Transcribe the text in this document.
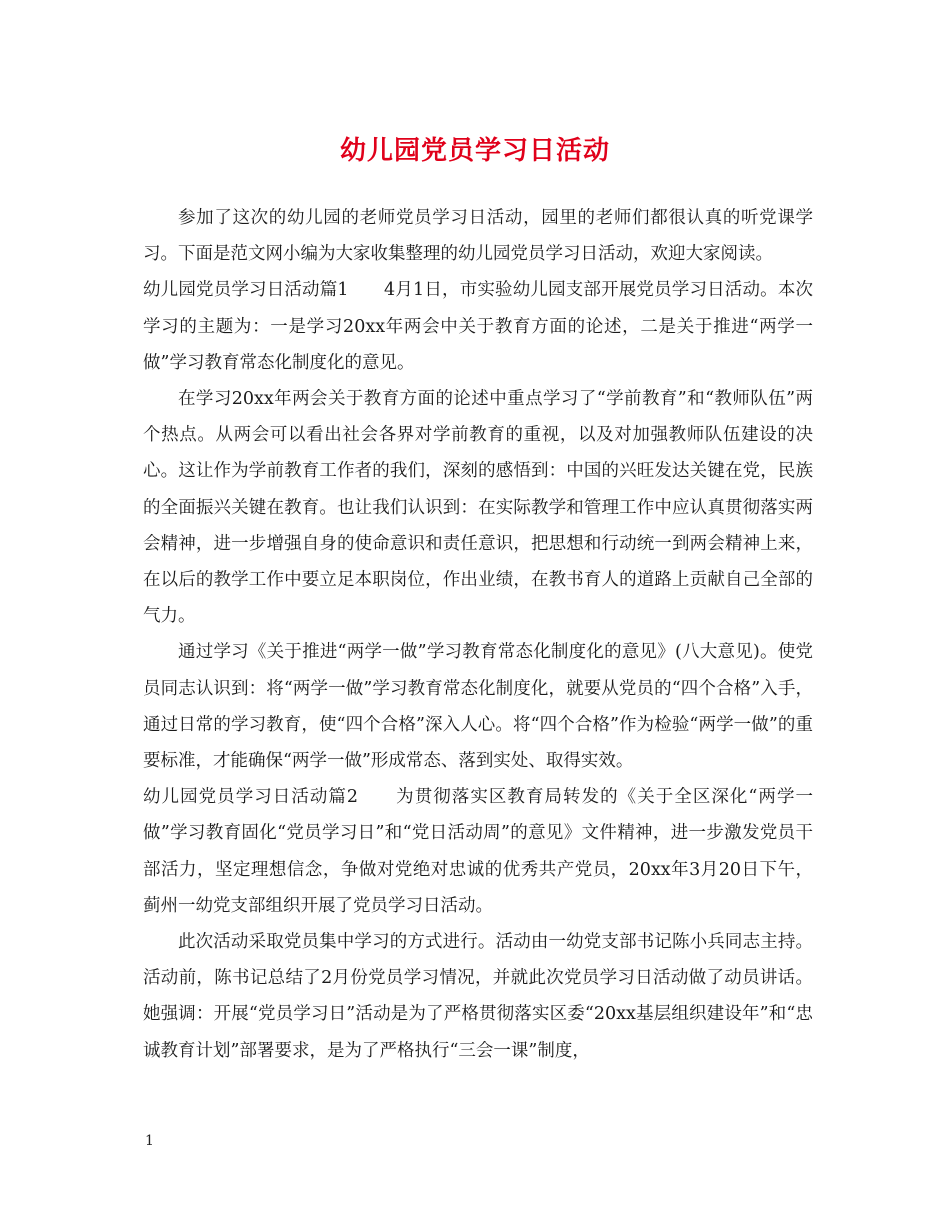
幼儿园党员学习日活动

参加了这次的幼儿园的老师党员学习日活动，园里的老师们都很认真的听党课学习。下面是范文网小编为大家收集整理的幼儿园党员学习日活动，欢迎大家阅读。

幼儿园党员学习日活动篇1　　4月1日，市实验幼儿园支部开展党员学习日活动。本次学习的主题为：一是学习20xx年两会中关于教育方面的论述，二是关于推进“两学一做”学习教育常态化制度化的意见。

在学习20xx年两会关于教育方面的论述中重点学习了“学前教育”和“教师队伍”两个热点。从两会可以看出社会各界对学前教育的重视，以及对加强教师队伍建设的决心。这让作为学前教育工作者的我们，深刻的感悟到：中国的兴旺发达关键在党，民族的全面振兴关键在教育。也让我们认识到：在实际教学和管理工作中应认真贯彻落实两会精神，进一步增强自身的使命意识和责任意识，把思想和行动统一到两会精神上来，在以后的教学工作中要立足本职岗位，作出业绩，在教书育人的道路上贡献自己全部的气力。

通过学习《关于推进“两学一做”学习教育常态化制度化的意见》(八大意见)。使党员同志认识到：将“两学一做”学习教育常态化制度化，就要从党员的“四个合格”入手，通过日常的学习教育，使“四个合格”深入人心。将“四个合格”作为检验“两学一做”的重要标准，才能确保“两学一做”形成常态、落到实处、取得实效。

幼儿园党员学习日活动篇2　　为贯彻落实区教育局转发的《关于全区深化“两学一做”学习教育固化“党员学习日”和“党日活动周”的意见》文件精神，进一步激发党员干部活力，坚定理想信念，争做对党绝对忠诚的优秀共产党员，20xx年3月20日下午，蓟州一幼党支部组织开展了党员学习日活动。

此次活动采取党员集中学习的方式进行。活动由一幼党支部书记陈小兵同志主持。活动前，陈书记总结了2月份党员学习情况，并就此次党员学习日活动做了动员讲话。她强调：开展“党员学习日”活动是为了严格贯彻落实区委“20xx基层组织建设年”和“忠诚教育计划”部署要求，是为了严格执行“三会一课”制度，

1
